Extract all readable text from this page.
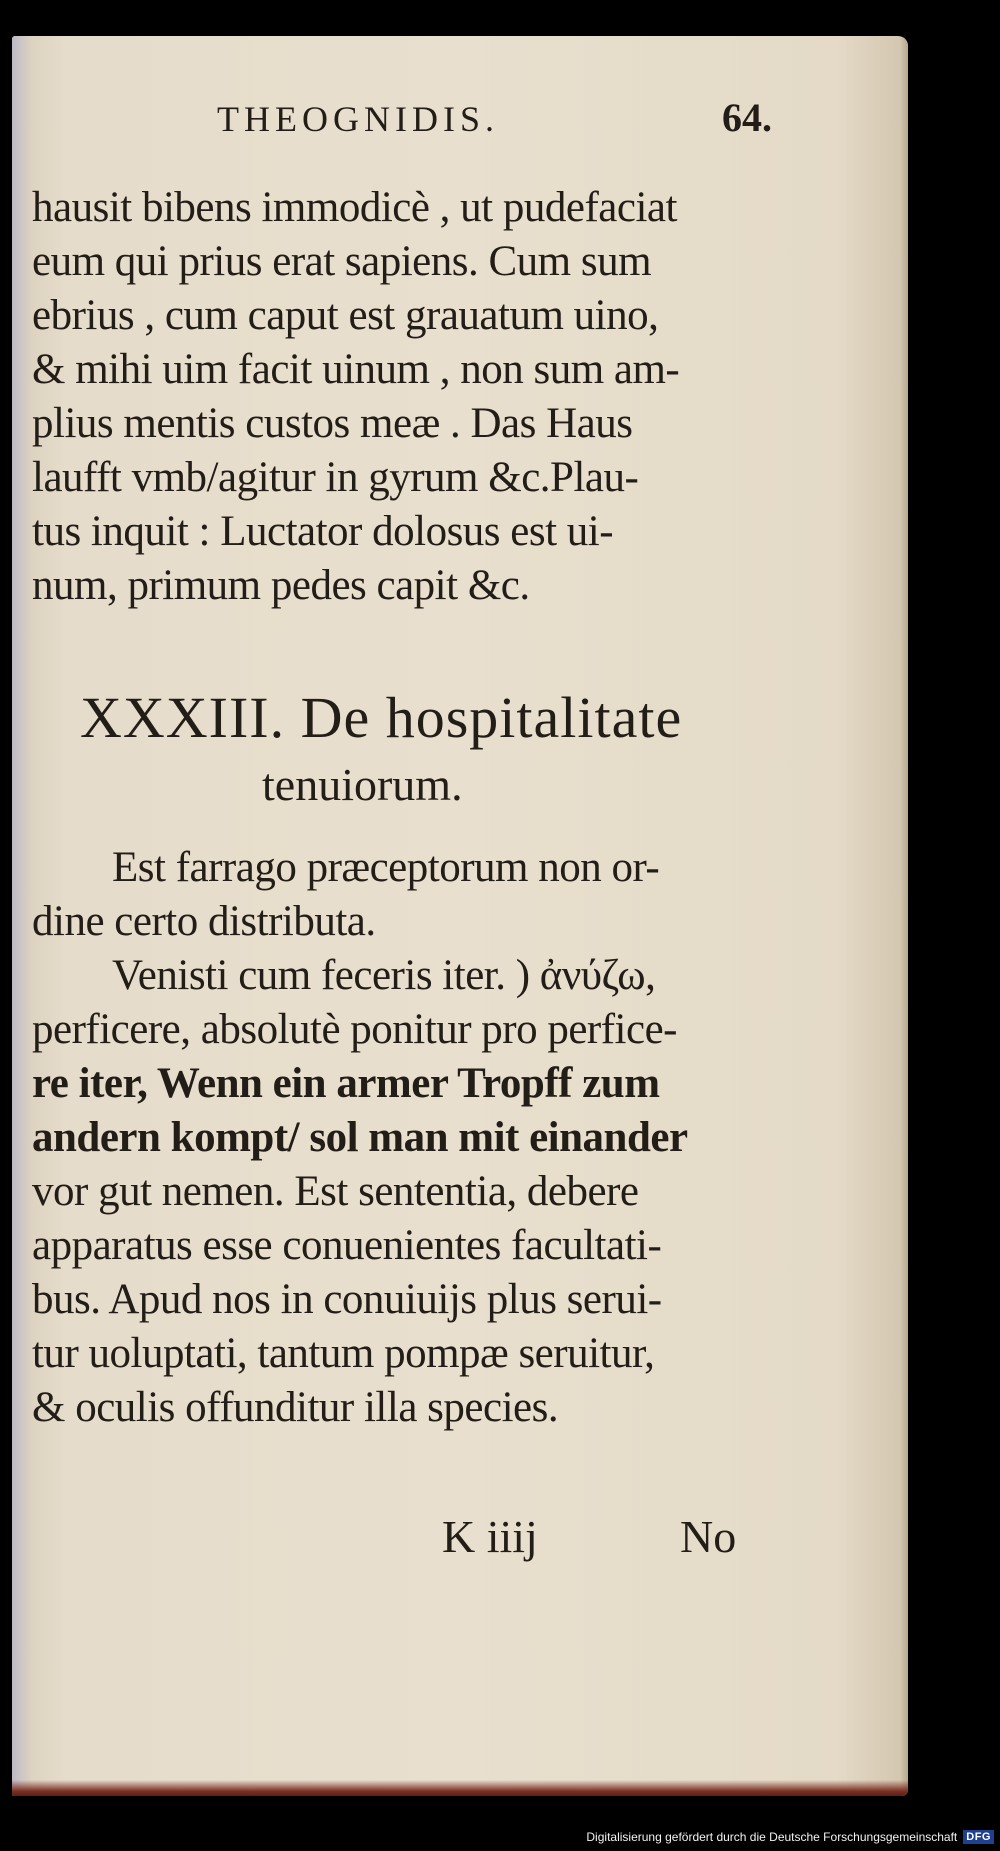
THEOGNIDIS.	64.
hausit bibens immodicè , ut pudefaciat
eum qui prius erat sapiens. Cum sum
ebrius , cum caput est grauatum uino,
& mihi uim facit uinum , non sum am-
plius mentis custos meæ . Das Haus
laufft vmb/agitur in gyrum &c.Plau-
tus inquit : Luctator dolosus est ui-
num, primum pedes capit &c.
XXXIII. De hospitalitate
tenuiorum.
Est farrago præceptorum non or-
dine certo distributa.
Venisti cum feceris iter. ) ἀνύζω,
perficere, absolutè ponitur pro perfice-
re iter, Wenn ein armer Tropff zum
andern kompt/ sol man mit einander
vor gut nemen. Est sententia, debere
apparatus esse conuenientes facultati-
bus. Apud nos in conuiuijs plus serui-
tur uoluptati, tantum pompæ seruitur,
& oculis offunditur illa species.
K iiij	No
Digitalisierung gefördert durch die Deutsche Forschungsgemeinschaft DFG
